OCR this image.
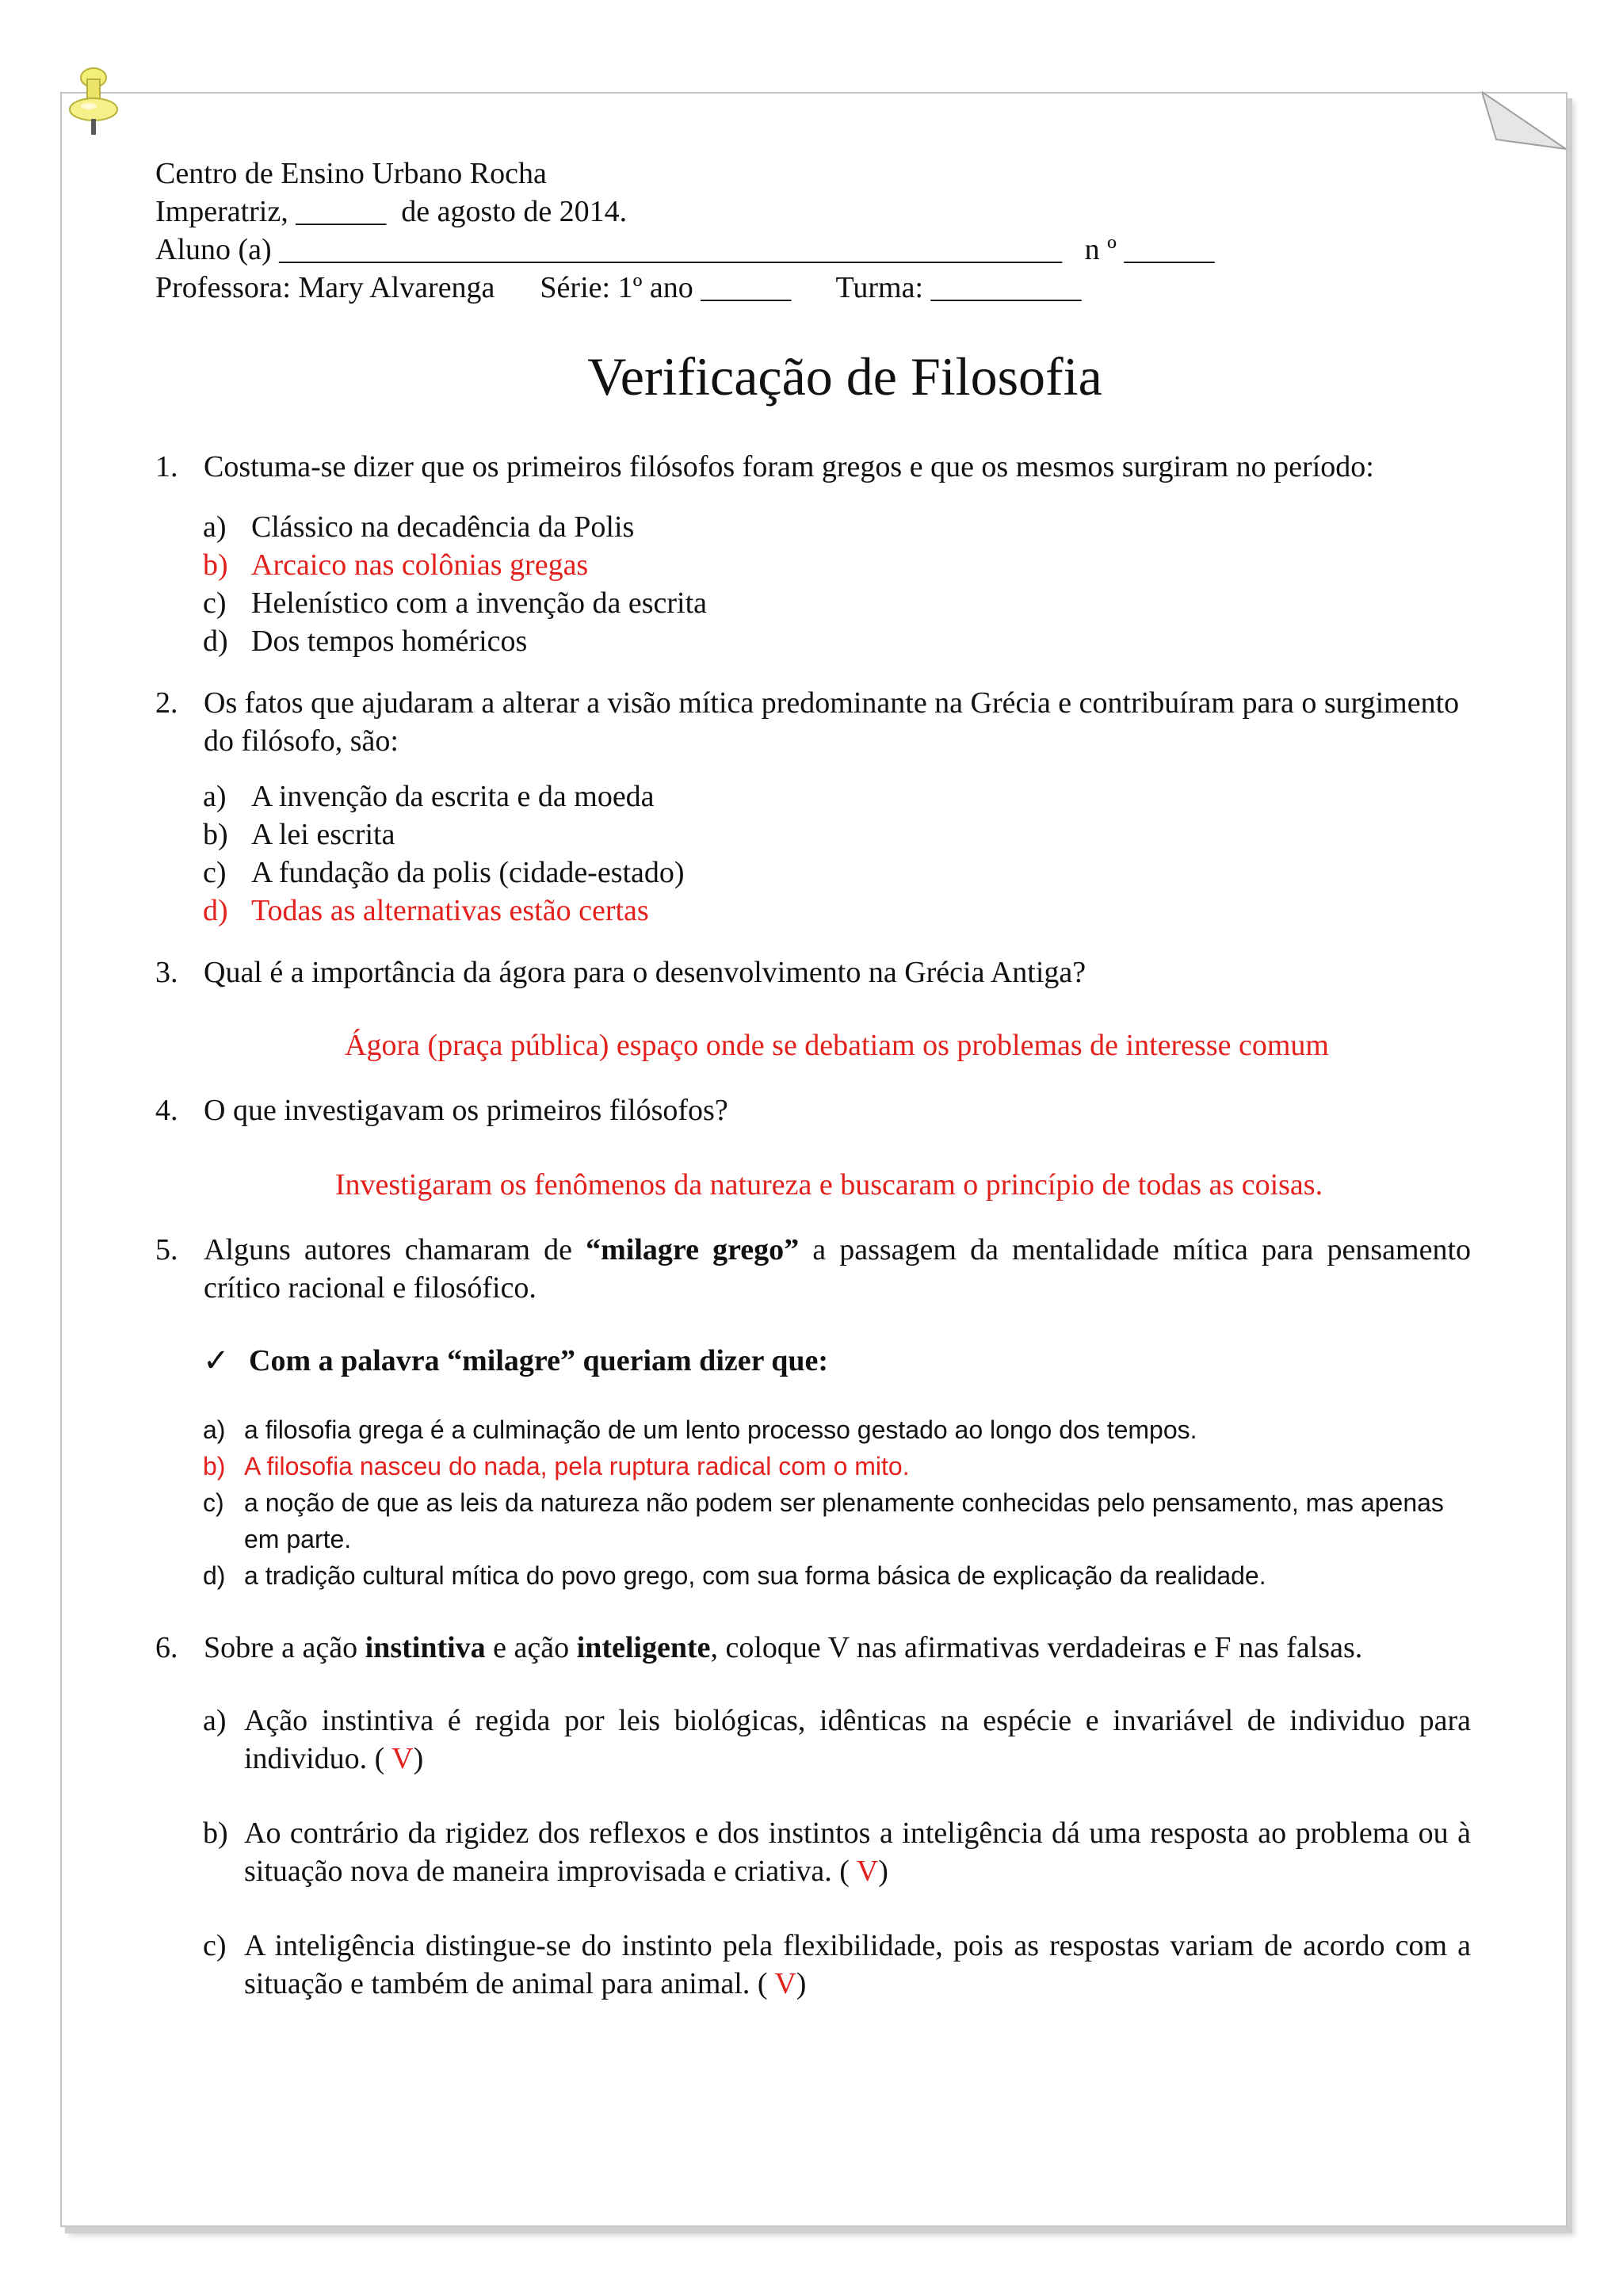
Centro de Ensino Urbano Rocha
Imperatriz, ______  de agosto de 2014.
Aluno (a) ____________________________________________________   n º ______
Professora: Mary Alvarenga      Série: 1º ano ______      Turma: __________
Verificação de Filosofia
1. Costuma-se dizer que os primeiros filósofos foram gregos e que os mesmos surgiram no período:
a) Clássico na decadência da Polis
b) Arcaico nas colônias gregas
c) Helenístico com a invenção da escrita
d) Dos tempos homéricos
2. Os fatos que ajudaram a alterar a visão mítica predominante na Grécia e contribuíram para o surgimento do filósofo, são:
a) A invenção da escrita e da moeda
b) A lei escrita
c) A fundação da polis (cidade-estado)
d) Todas as alternativas estão certas
3. Qual é a importância da ágora para o desenvolvimento na Grécia Antiga?
Ágora (praça pública) espaço onde se debatiam os problemas de interesse comum
4. O que investigavam os primeiros filósofos?
Investigaram os fenômenos da natureza e buscaram o princípio de todas as coisas.
5. Alguns autores chamaram de “milagre grego” a passagem da mentalidade mítica para pensamento crítico racional e filosófico.
✓ Com a palavra “milagre” queriam dizer que:
a) a filosofia grega é a culminação de um lento processo gestado ao longo dos tempos.
b) A filosofia nasceu do nada, pela ruptura radical com o mito.
c) a noção de que as leis da natureza não podem ser plenamente conhecidas pelo pensamento, mas apenas em parte.
d) a tradição cultural mítica do povo grego, com sua forma básica de explicação da realidade.
6. Sobre a ação instintiva e ação inteligente, coloque V nas afirmativas verdadeiras e F nas falsas.
a) Ação instintiva é regida por leis biológicas, idênticas na espécie e invariável de individuo para individuo. ( V)
b) Ao contrário da rigidez dos reflexos e dos instintos a inteligência dá uma resposta ao problema ou à situação nova de maneira improvisada e criativa. ( V)
c) A inteligência distingue-se do instinto pela flexibilidade, pois as respostas variam de acordo com a situação e também de animal para animal. ( V)
